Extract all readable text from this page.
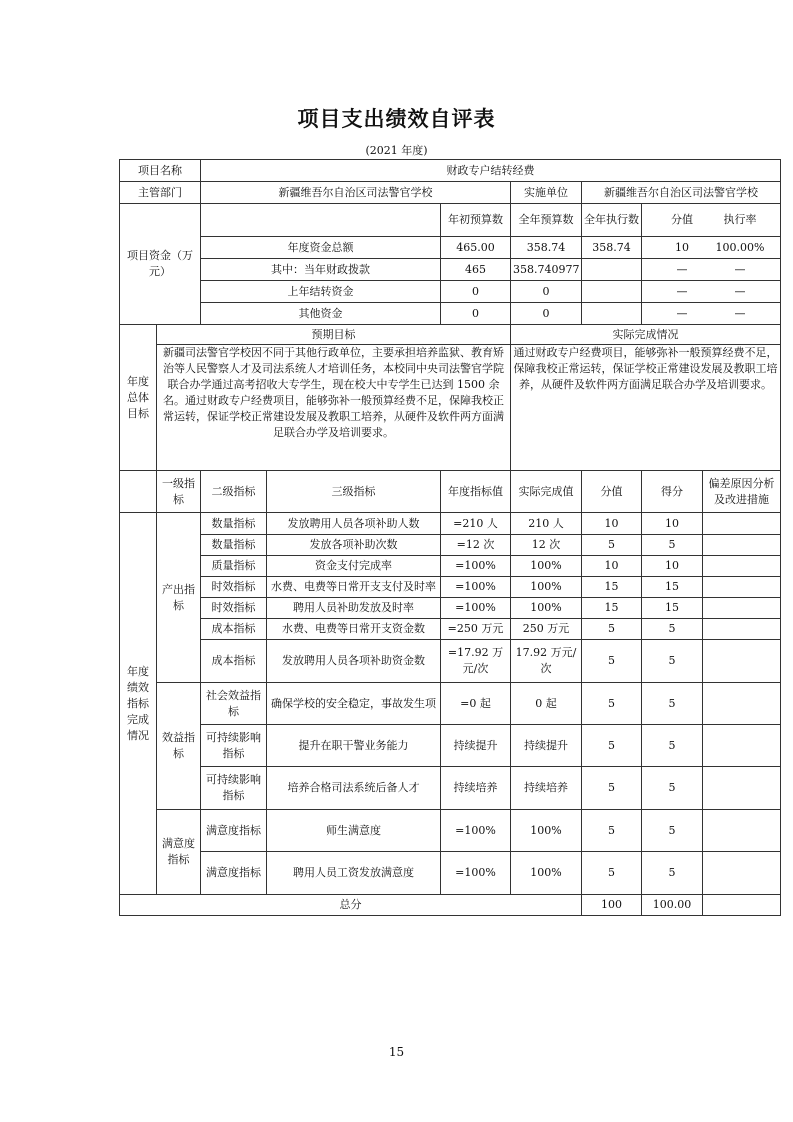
项目支出绩效自评表
(2021 年度)
项目名称		财政专户结转经费							
主管部门		新疆维吾尔自治区司法警官学校			实施单位	新疆维吾尔自治区司法警官学校			
项目资金（万元）				年初预算数	全年预算数	全年执行数	分值 执行率	
		年度资金总额		465.00	358.74	358.74	10 100.00%	
		其中：当年财政拨款		465	358.740977		— —	
		上年结转资金		0	0		— —	
		其他资金		0	0		— —	
年度总体目标	预期目标				实际完成情况				
	新疆司法警官学校因不同于其他行政单位，主要承担培养监狱、教育矫治等人民警察人才及司法系统人才培训任务，本校同中央司法警官学院联合办学通过高考招收大专学生，现在校大中专学生已达到 1500 余名。通过财政专户经费项目，能够弥补一般预算经费不足，保障我校正常运转，保证学校正常建设发展及教职工培养，从硬件及软件两方面满足联合办学及培训要求。				通过财政专户经费项目，能够弥补一般预算经费不足，保障我校正常运转，保证学校正常建设发展及教职工培养，从硬件及软件两方面满足联合办学及培训要求。				
	一级指标	二级指标	三级指标	年度指标值	实际完成值	分值	得分	偏差原因分析及改进措施	
年度绩效指标完成情况	产出指标	数量指标	发放聘用人员各项补助人数	=210 人	210 人	10	10		
		数量指标	发放各项补助次数	=12 次	12 次	5	5		
		质量指标	资金支付完成率	=100%	100%	10	10		
		时效指标	水费、电费等日常开支支付及时率	=100%	100%	15	15		
		时效指标	聘用人员补助发放及时率	=100%	100%	15	15		
		成本指标	水费、电费等日常开支资金数	=250 万元	250 万元	5	5		
		成本指标	发放聘用人员各项补助资金数	=17.92 万元/次	17.92 万元/次	5	5		
	效益指标	社会效益指标	确保学校的安全稳定，事故发生项	=0 起	0 起	5	5		
		可持续影响指标	提升在职干警业务能力	持续提升	持续提升	5	5		
		可持续影响指标	培养合格司法系统后备人才	持续培养	持续培养	5	5		
	满意度指标	满意度指标	师生满意度	=100%	100%	5	5		
		满意度指标	聘用人员工资发放满意度	=100%	100%	5	5		
总分						100	100.00		
15
